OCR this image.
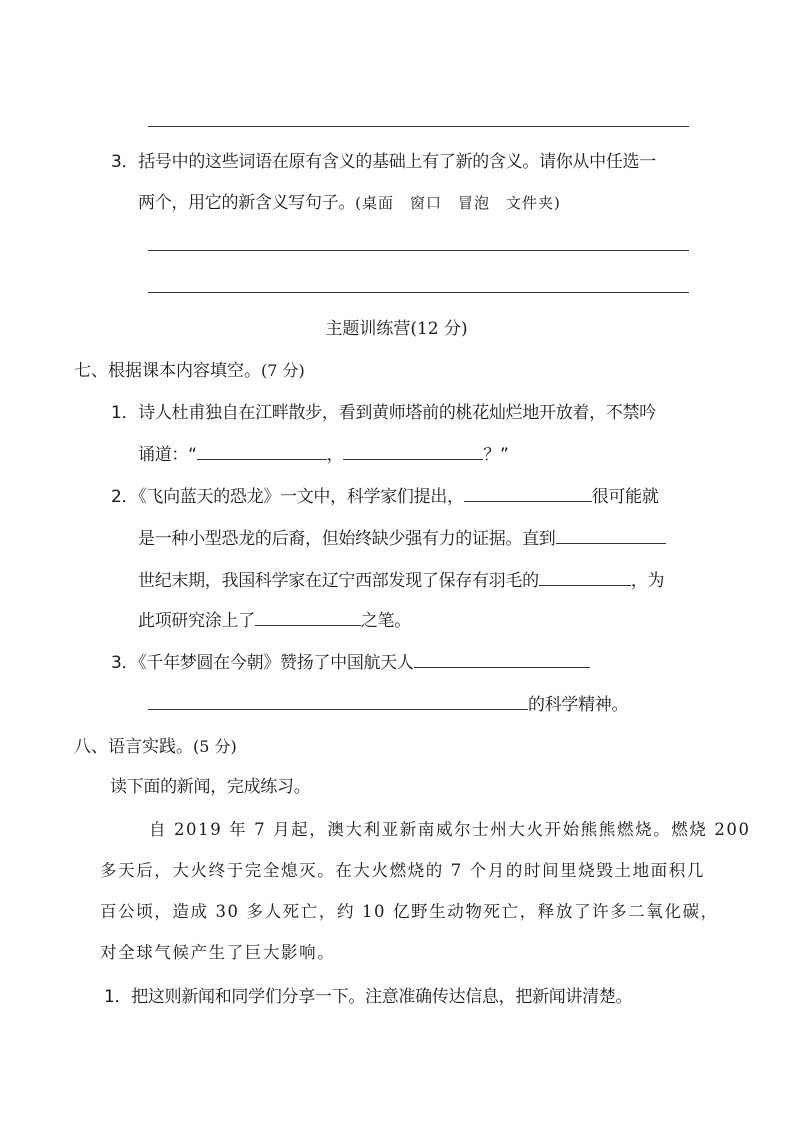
3．括号中的这些词语在原有含义的基础上有了新的含义。请你从中任选一
两个，用它的新含义写句子。(桌面　窗口　冒泡　文件夹)
主题训练营(12 分)
七、根据课本内容填空。(7 分)
1．诗人杜甫独自在江畔散步，看到黄师塔前的桃花灿烂地开放着，不禁吟
诵道：“	，	？”
2．《飞向蓝天的恐龙》一文中，科学家们提出，	很可能就
是一种小型恐龙的后裔，但始终缺少强有力的证据。直到
世纪末期，我国科学家在辽宁西部发现了保存有羽毛的	，为
此项研究涂上了	之笔。
3．《千年梦圆在今朝》赞扬了中国航天人
的科学精神。
八、语言实践。(5 分)
读下面的新闻，完成练习。
自 2019 年 7 月起，澳大利亚新南威尔士州大火开始熊熊燃烧。燃烧 200
多天后，大火终于完全熄灭。在大火燃烧的 7 个月的时间里烧毁土地面积几
百公顷，造成 30 多人死亡，约 10 亿野生动物死亡，释放了许多二氧化碳，
对全球气候产生了巨大影响。
1．把这则新闻和同学们分享一下。注意准确传达信息，把新闻讲清楚。
